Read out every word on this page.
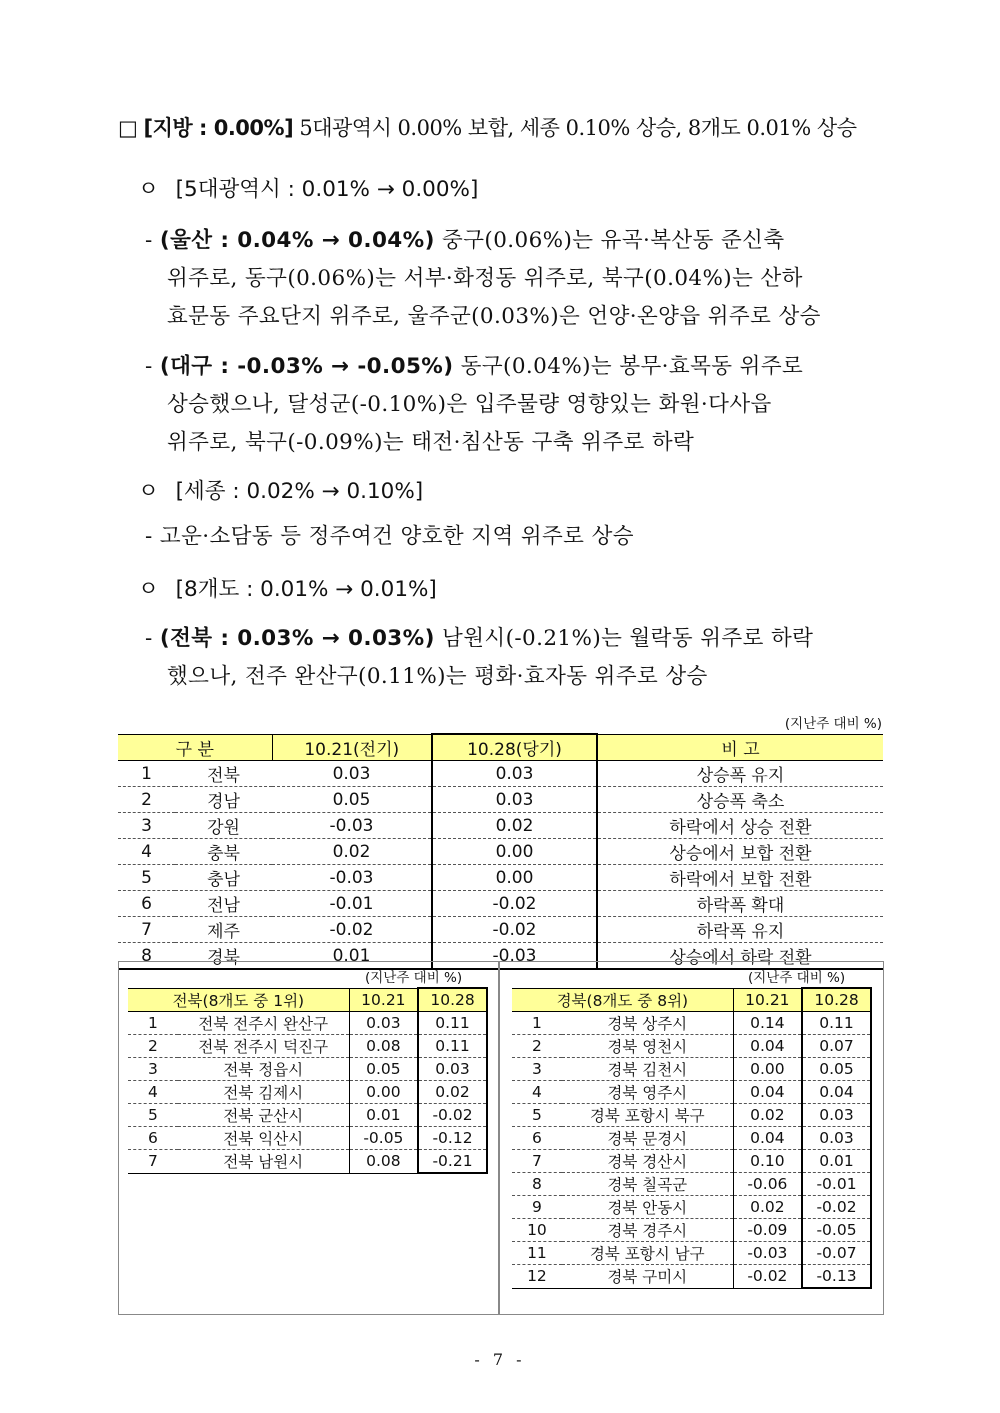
□ [지방 : 0.00%] 5대광역시 0.00% 보합, 세종 0.10% 상승, 8개도 0.01% 상승
ㅇ [5대광역시 : 0.01% → 0.00%]
- (울산 : 0.04% → 0.04%) 중구(0.06%)는 유곡·복산동 준신축
위주로, 동구(0.06%)는 서부·화정동 위주로, 북구(0.04%)는 산하
효문동 주요단지 위주로, 울주군(0.03%)은 언양·온양읍 위주로 상승
- (대구 : -0.03% → -0.05%) 동구(0.04%)는 봉무·효목동 위주로
상승했으나, 달성군(-0.10%)은 입주물량 영향있는 화원·다사읍
위주로, 북구(-0.09%)는 태전·침산동 구축 위주로 하락
ㅇ [세종 : 0.02% → 0.10%]
- 고운·소담동 등 정주여건 양호한 지역 위주로 상승
ㅇ [8개도 : 0.01% → 0.01%]
- (전북 : 0.03% → 0.03%) 남원시(-0.21%)는 월락동 위주로 하락
했으나, 전주 완산구(0.11%)는 평화·효자동 위주로 상승
(지난주 대비 %)
구 분		10.21(전기)	10.28(당기)	비 고
1	전북	0.03	0.03	상승폭 유지
2	경남	0.05	0.03	상승폭 축소
3	강원	-0.03	0.02	하락에서 상승 전환
4	충북	0.02	0.00	상승에서 보합 전환
5	충남	-0.03	0.00	하락에서 보합 전환
6	전남	-0.01	-0.02	하락폭 확대
7	제주	-0.02	-0.02	하락폭 유지
8	경북	0.01	-0.03	상승에서 하락 전환
(지난주 대비 %)
전북(8개도 중 1위)		10.21	10.28
1	전북 전주시 완산구	0.03	0.11
2	전북 전주시 덕진구	0.08	0.11
3	전북 정읍시	0.05	0.03
4	전북 김제시	0.00	0.02
5	전북 군산시	0.01	-0.02
6	전북 익산시	-0.05	-0.12
7	전북 남원시	0.08	-0.21
(지난주 대비 %)
경북(8개도 중 8위)		10.21	10.28
1	경북 상주시	0.14	0.11
2	경북 영천시	0.04	0.07
3	경북 김천시	0.00	0.05
4	경북 영주시	0.04	0.04
5	경북 포항시 북구	0.02	0.03
6	경북 문경시	0.04	0.03
7	경북 경산시	0.10	0.01
8	경북 칠곡군	-0.06	-0.01
9	경북 안동시	0.02	-0.02
10	경북 경주시	-0.09	-0.05
11	경북 포항시 남구	-0.03	-0.07
12	경북 구미시	-0.02	-0.13
- 7 -
